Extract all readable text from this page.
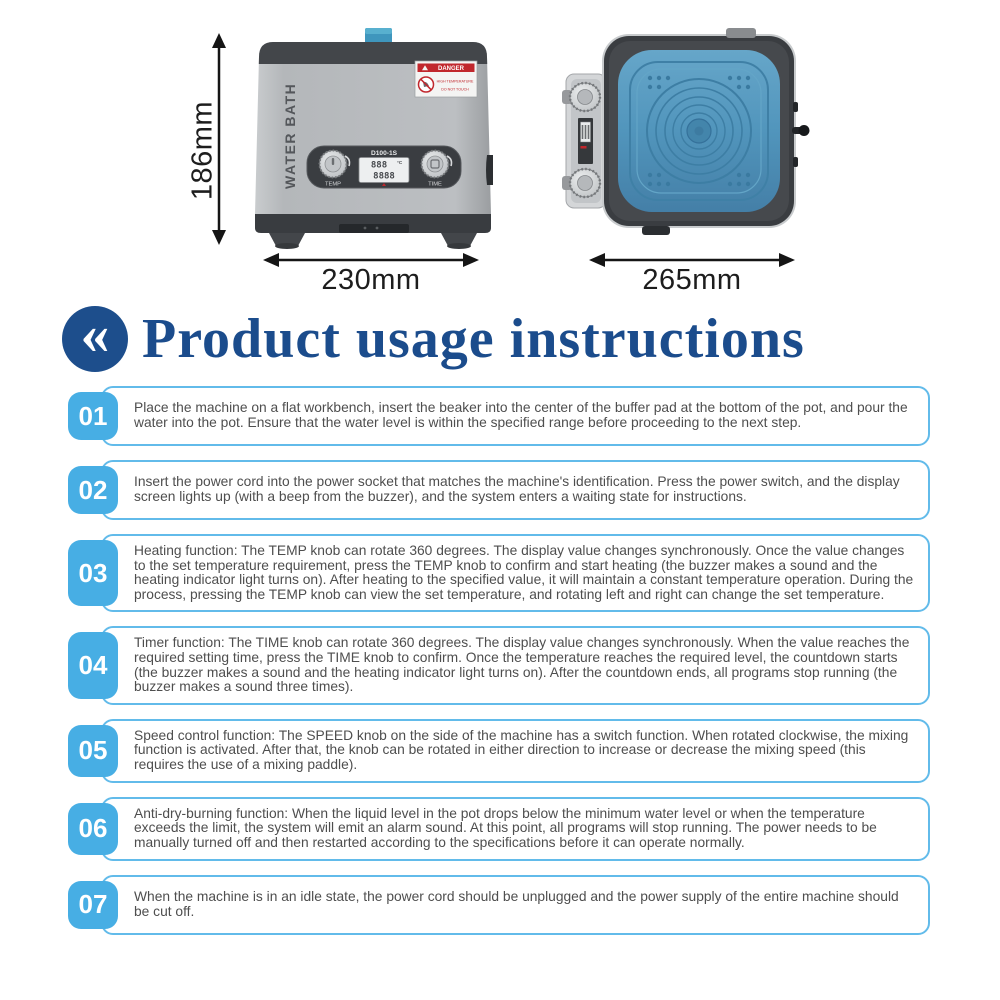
WATER BATH
DANGER
HIGH TEMPERATURE
DO NOT TOUCH
TEMP	TIME
D100-1S
888 °C
8888
186mm
230mm	265mm
« Product usage instructions
01	Place the machine on a flat workbench, insert the beaker into the center of the buffer pad at the bottom of the pot, and pour the water into the pot. Ensure that the water level is within the specified range before proceeding to the next step.

02	Insert the power cord into the power socket that matches the machine's identification. Press the power switch, and the display screen lights up (with a beep from the buzzer), and the system enters a waiting state for instructions.

03

Heating function: The TEMP knob can rotate 360 degrees. The display value changes synchronously. Once the value changes to the set temperature requirement, press the TEMP knob to confirm and start heating (the buzzer makes a sound and the heating indicator light turns on). After heating to the specified value, it will maintain a constant temperature operation. During the process, pressing the TEMP knob can view the set temperature, and rotating left and right can change the set temperature.

04

Timer function: The TIME knob can rotate 360 degrees. The display value changes synchronously. When the value reaches the required setting time, press the TIME knob to confirm. Once the temperature reaches the required level, the countdown starts (the buzzer makes a sound and the heating indicator light turns on). After the countdown ends, all programs stop running (the buzzer makes a sound three times).

05	Speed control function: The SPEED knob on the side of the machine has a switch function. When rotated clockwise, the mixing function is activated. After that, the knob can be rotated in either direction to increase or decrease the mixing speed (this requires the use of a mixing paddle).

06	Anti-dry-burning function: When the liquid level in the pot drops below the minimum water level or when the temperature exceeds the limit, the system will emit an alarm sound. At this point, all programs will stop running. The power needs to be manually turned off and then restarted according to the specifications before it can operate normally.

07	When the machine is in an idle state, the power cord should be unplugged and the power supply of the entire machine should be cut off.
